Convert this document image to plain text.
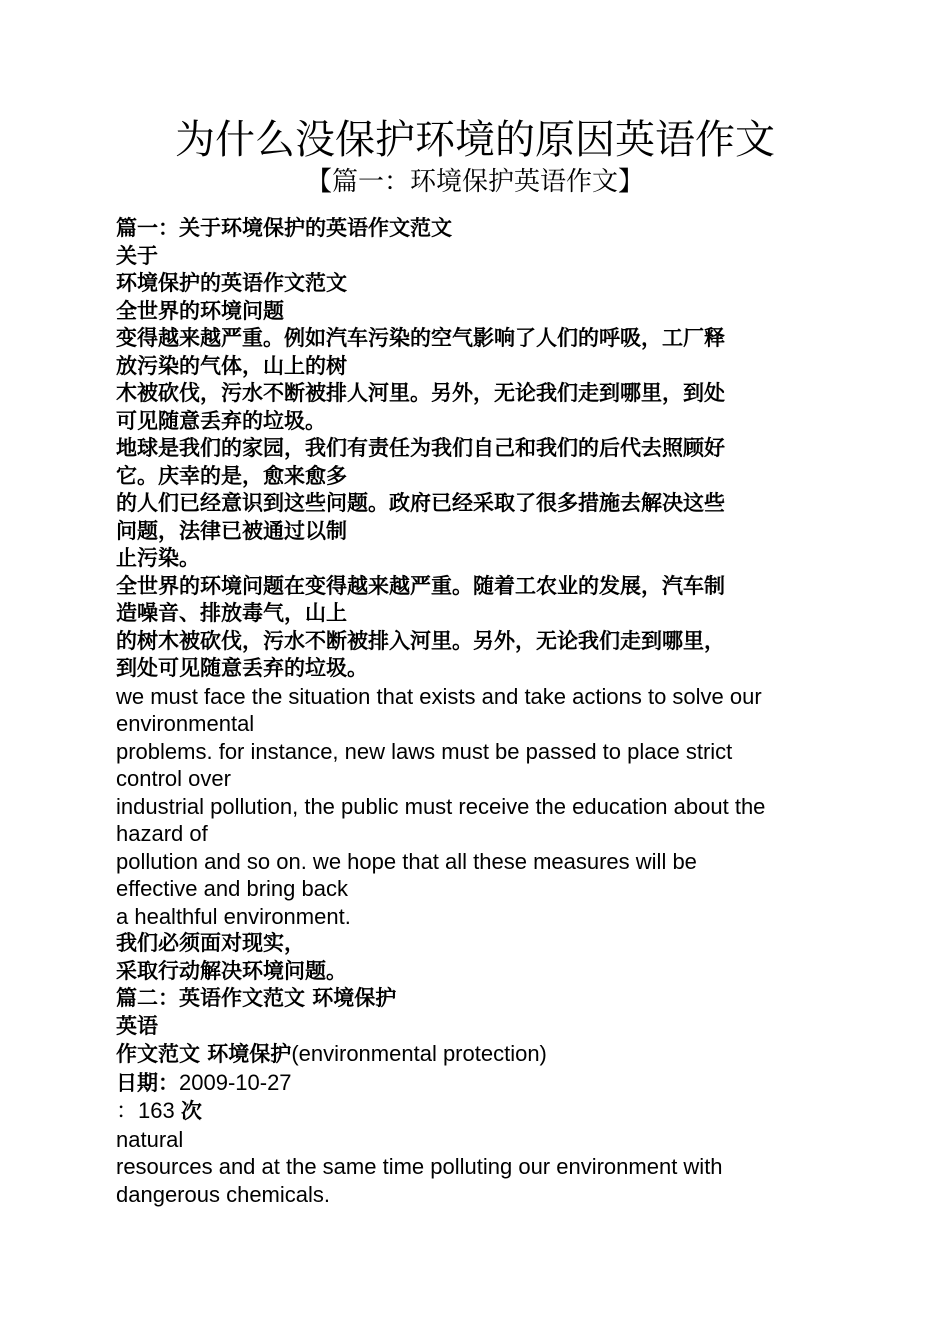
为什么没保护环境的原因英语作文
【篇一：环境保护英语作文】
篇一：关于环境保护的英语作文范文
关于
环境保护的英语作文范文
全世界的环境问题
变得越来越严重。例如汽车污染的空气影响了人们的呼吸，工厂释
放污染的气体，山上的树
木被砍伐，污水不断被排人河里。另外，无论我们走到哪里，到处
可见随意丢弃的垃圾。
地球是我们的家园，我们有责任为我们自己和我们的后代去照顾好
它。庆幸的是，愈来愈多
的人们已经意识到这些问题。政府已经采取了很多措施去解决这些
问题，法律已被通过以制
止污染。
全世界的环境问题在变得越来越严重。随着工农业的发展，汽车制
造噪音、排放毒气，山上
的树木被砍伐，污水不断被排入河里。另外，无论我们走到哪里，
到处可见随意丢弃的垃圾。
we must face the situation that exists and take actions to solve our
environmental
problems. for instance, new laws must be passed to place strict
control over
industrial pollution, the public must receive the education about the
hazard of
pollution and so on. we hope that all these measures will be
effective and bring back
a healthful environment.
我们必须面对现实，
采取行动解决环境问题。
篇二：英语作文范文 环境保护
英语
作文范文 环境保护(environmental protection)
日期：2009-10-27
：163 次
natural
resources and at the same time polluting our environment with
dangerous chemicals.
